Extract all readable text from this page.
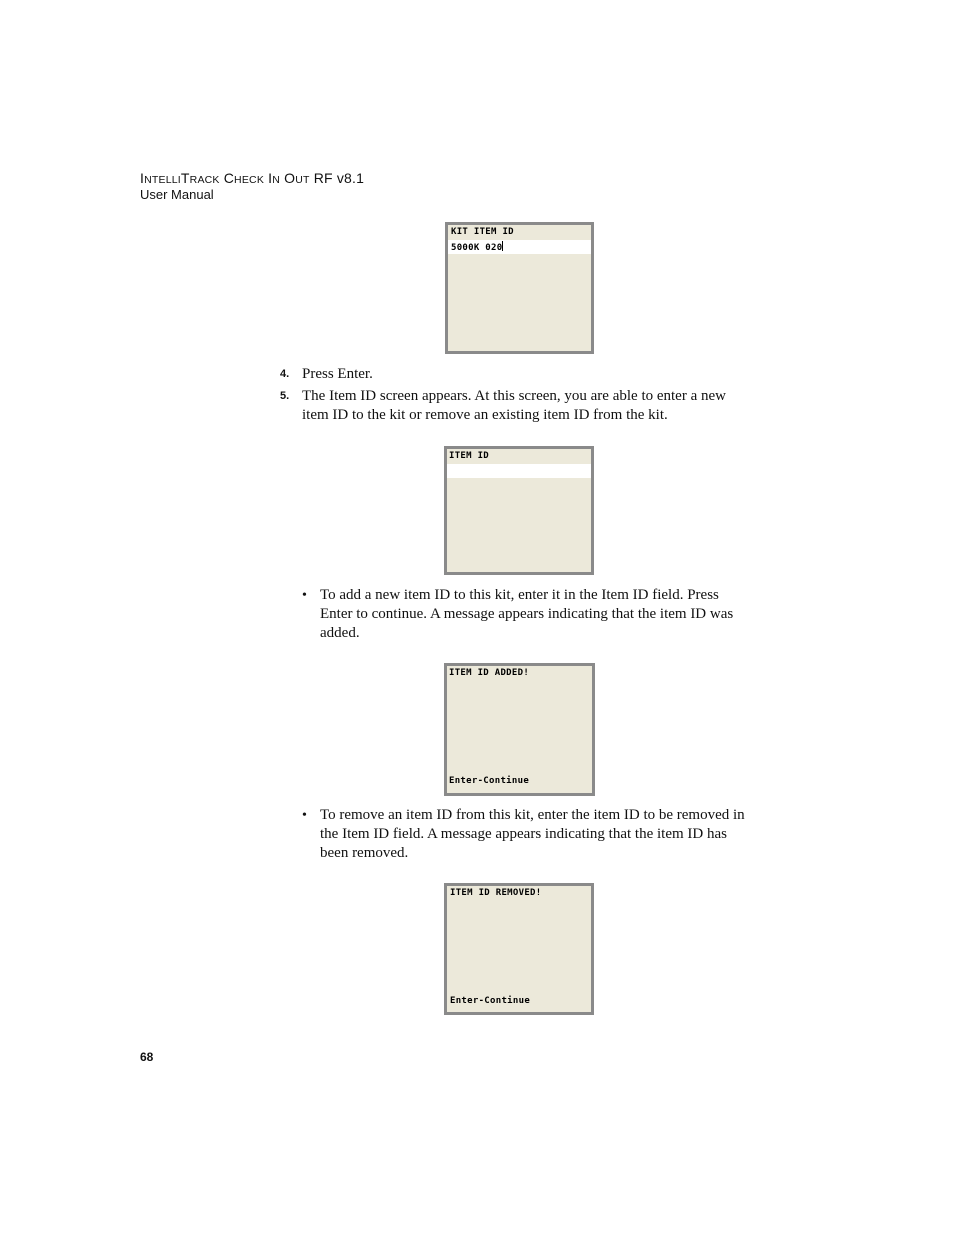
INTELLITRACK CHECK IN OUT RF v8.1
User Manual
KIT ITEM ID
5000K 020
4. Press Enter.
5. The Item ID screen appears. At this screen, you are able to enter a new
item ID to the kit or remove an existing item ID from the kit.
ITEM ID
• To add a new item ID to this kit, enter it in the Item ID field. Press
Enter to continue. A message appears indicating that the item ID was
added.
ITEM ID ADDED!
Enter-Continue
• To remove an item ID from this kit, enter the item ID to be removed in
the Item ID field. A message appears indicating that the item ID has
been removed.
ITEM ID REMOVED!
Enter-Continue
68
